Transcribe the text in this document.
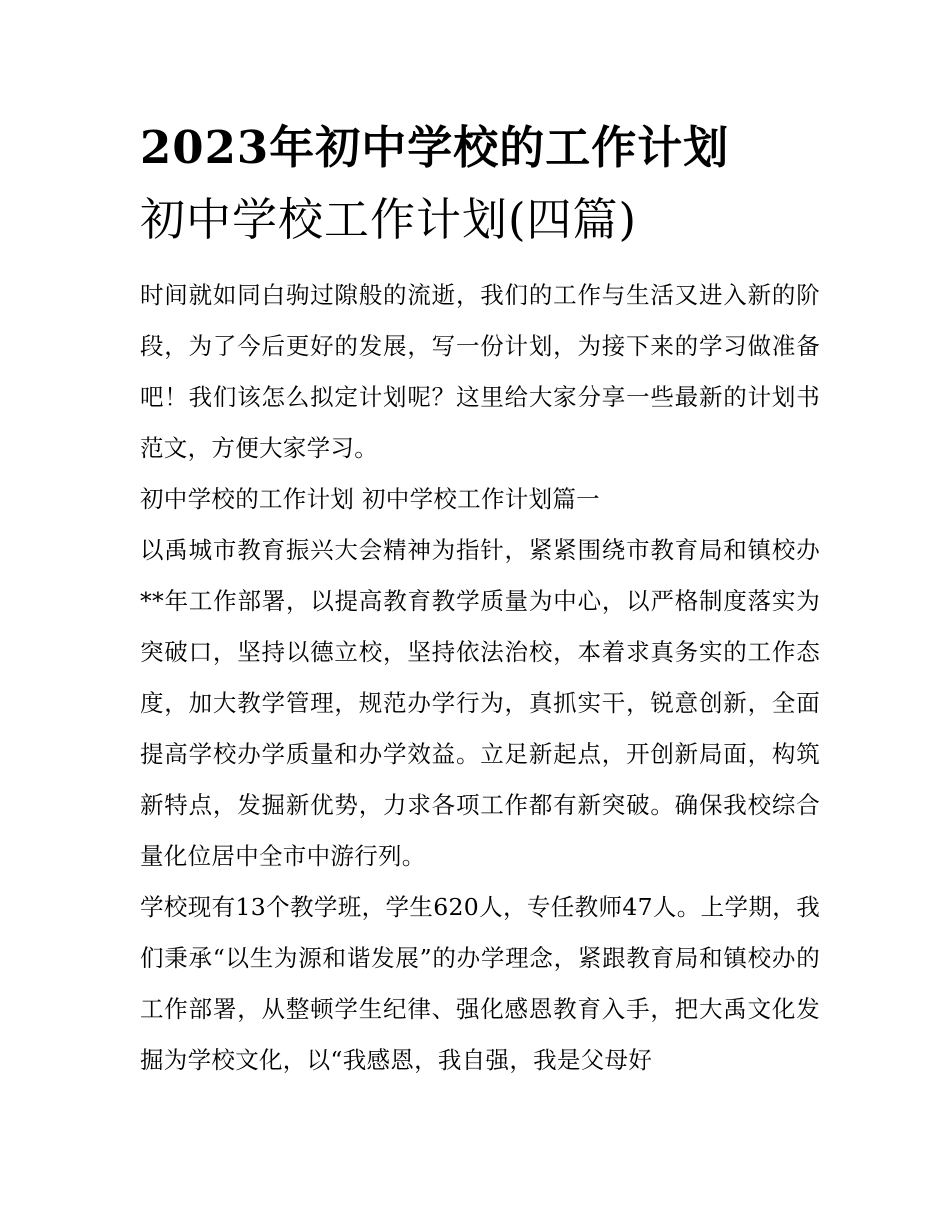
2023年初中学校的工作计划
初中学校工作计划(四篇)

时间就如同白驹过隙般的流逝，我们的工作与生活又进入新的阶段，为了今后更好的发展，写一份计划，为接下来的学习做准备吧！我们该怎么拟定计划呢？这里给大家分享一些最新的计划书范文，方便大家学习。

初中学校的工作计划 初中学校工作计划篇一

以禹城市教育振兴大会精神为指针，紧紧围绕市教育局和镇校办**年工作部署，以提高教育教学质量为中心，以严格制度落实为突破口，坚持以德立校，坚持依法治校，本着求真务实的工作态度，加大教学管理，规范办学行为，真抓实干，锐意创新，全面提高学校办学质量和办学效益。立足新起点，开创新局面，构筑新特点，发掘新优势，力求各项工作都有新突破。确保我校综合量化位居中全市中游行列。

学校现有13个教学班，学生620人，专任教师47人。上学期，我们秉承“以生为源和谐发展”的办学理念，紧跟教育局和镇校办的工作部署，从整顿学生纪律、强化感恩教育入手，把大禹文化发掘为学校文化，以“我感恩，我自强，我是父母好
